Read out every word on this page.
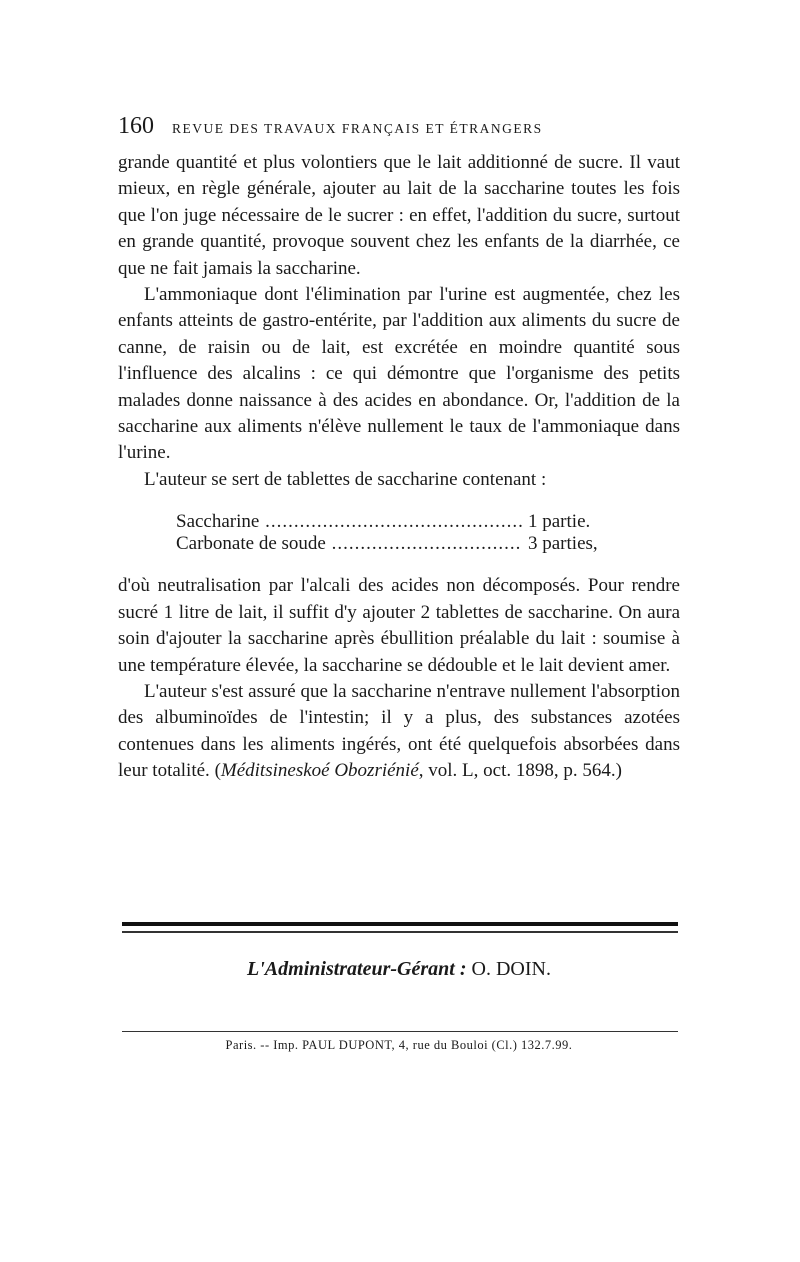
160 REVUE DES TRAVAUX FRANÇAIS ET ÉTRANGERS

grande quantité et plus volontiers que le lait additionné de sucre. Il vaut mieux, en règle générale, ajouter au lait de la saccharine toutes les fois que l'on juge nécessaire de le sucrer : en effet, l'addition du sucre, surtout en grande quantité, provoque souvent chez les enfants de la diarrhée, ce que ne fait jamais la saccharine.

L'ammoniaque dont l'élimination par l'urine est augmentée, chez les enfants atteints de gastro-entérite, par l'addition aux aliments du sucre de canne, de raisin ou de lait, est excrétée en moindre quantité sous l'influence des alcalins : ce qui démontre que l'organisme des petits malades donne naissance à des acides en abondance. Or, l'addition de la saccharine aux aliments n'élève nullement le taux de l'ammoniaque dans l'urine.

L'auteur se sert de tablettes de saccharine contenant :

Saccharine .....	1 partie.
Carbonate de soude .....	3 parties,

d'où neutralisation par l'alcali des acides non décomposés. Pour rendre sucré 1 litre de lait, il suffit d'y ajouter 2 tablettes de saccharine. On aura soin d'ajouter la saccharine après ébullition préalable du lait : soumise à une température élevée, la saccharine se dédouble et le lait devient amer.

L'auteur s'est assuré que la saccharine n'entrave nullement l'absorption des albuminoïdes de l'intestin; il y a plus, des substances azotées contenues dans les aliments ingérés, ont été quelquefois absorbées dans leur totalité. (Méditsineskoé Obozriénié, vol. L, oct. 1898, p. 564.)

L'Administrateur-Gérant : O. DOIN.
Paris. -- Imp. PAUL DUPONT, 4, rue du Bouloi (Cl.) 132.7.99.
